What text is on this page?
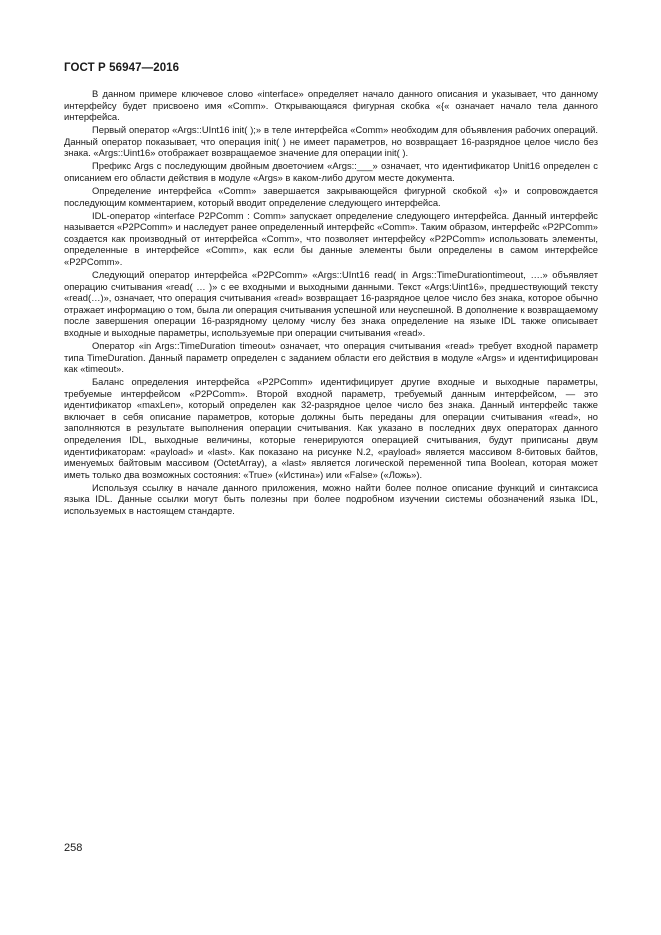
ГОСТ Р 56947—2016

В данном примере ключевое слово «interface» определяет начало данного описания и указывает, что данному интерфейсу будет присвоено имя «Comm». Открывающаяся фигурная скобка «{« означает начало тела данного интерфейса.

Первый оператор «Args::UInt16 init( );» в теле интерфейса «Comm» необходим для объявления рабочих операций. Данный оператор показывает, что операция init( ) не имеет параметров, но возвращает 16-разрядное целое число без знака. «Args::Uint16» отображает возвращаемое значение для операции init( ).

Префикс Args с последующим двойным двоеточием «Args::___» означает, что идентификатор Unit16 определен с описанием его области действия в модуле «Args» в каком-либо другом месте документа.

Определение интерфейса «Comm» завершается закрывающейся фигурной скобкой «}» и сопровождается последующим комментарием, который вводит определение следующего интерфейса.

IDL-оператор «interface P2PComm : Comm» запускает определение следующего интерфейса. Данный интерфейс называется «P2PComm» и наследует ранее определенный интерфейс «Comm». Таким образом, интерфейс «P2PComm» создается как производный от интерфейса «Comm», что позволяет интерфейсу «P2PComm» использовать элементы, определенные в интерфейсе «Comm», как если бы данные элементы были определены в самом интерфейсе «P2PComm».

Следующий оператор интерфейса «P2PComm» «Args::UInt16 read( in Args::TimeDurationtimeout, ….» объявляет операцию считывания «read( … )» с ее входными и выходными данными. Текст «Args:Uint16», предшествующий тексту «read(…)», означает, что операция считывания «read» возвращает 16-разрядное целое число без знака, которое обычно отражает информацию о том, была ли операция считывания успешной или неуспешной. В дополнение к возвращаемому после завершения операции 16-разрядному целому числу без знака определение на языке IDL также описывает входные и выходные параметры, используемые при операции считывания «read».

Оператор «in Args::TimeDuration timeout» означает, что операция считывания «read» требует входной параметр типа TimeDuration. Данный параметр определен с заданием области его действия в модуле «Args» и идентифицирован как «timeout».

Баланс определения интерфейса «P2PComm» идентифицирует другие входные и выходные параметры, требуемые интерфейсом «P2PComm». Второй входной параметр, требуемый данным интерфейсом, — это идентификатор «maxLen», который определен как 32-разрядное целое число без знака. Данный интерфейс также включает в себя описание параметров, которые должны быть переданы для операции считывания «read», но заполняются в результате выполнения операции считывания. Как указано в последних двух операторах данного определения IDL, выходные величины, которые генерируются операцией считывания, будут приписаны двум идентификаторам: «payload» и «last». Как показано на рисунке N.2, «payload» является массивом 8-битовых байтов, именуемых байтовым массивом (OctetArray), а «last» является логической переменной типа Boolean, которая может иметь только два возможных состояния: «True» («Истина») или «False» («Ложь»).

Используя ссылку в начале данного приложения, можно найти более полное описание функций и синтаксиса языка IDL. Данные ссылки могут быть полезны при более подробном изучении системы обозначений языка IDL, используемых в настоящем стандарте.

258
